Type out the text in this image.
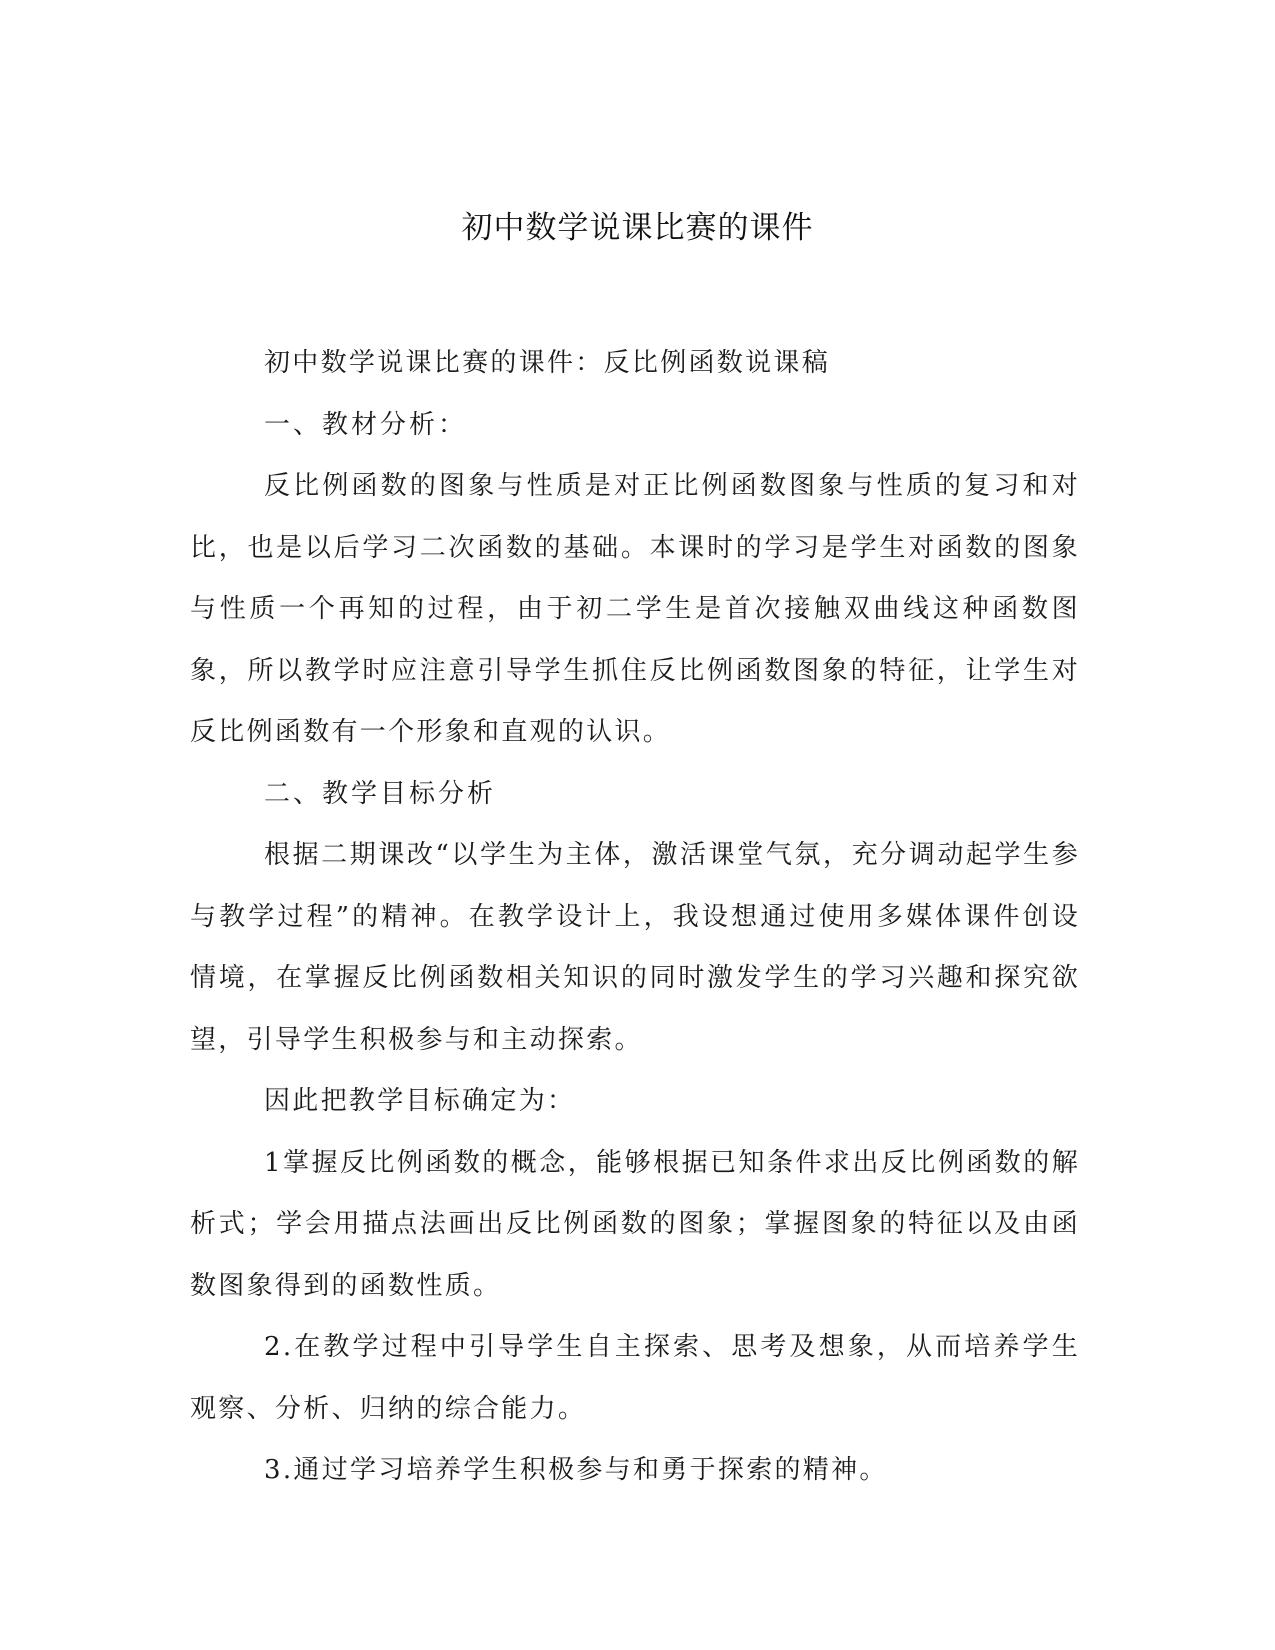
初中数学说课比赛的课件

初中数学说课比赛的课件：反比例函数说课稿

一、教材分析：

反比例函数的图象与性质是对正比例函数图象与性质的复习和对比，也是以后学习二次函数的基础。本课时的学习是学生对函数的图象与性质一个再知的过程，由于初二学生是首次接触双曲线这种函数图象，所以教学时应注意引导学生抓住反比例函数图象的特征，让学生对反比例函数有一个形象和直观的认识。

二、教学目标分析

根据二期课改“以学生为主体，激活课堂气氛，充分调动起学生参与教学过程”的精神。在教学设计上，我设想通过使用多媒体课件创设情境，在掌握反比例函数相关知识的同时激发学生的学习兴趣和探究欲望，引导学生积极参与和主动探索。

因此把教学目标确定为：

1掌握反比例函数的概念，能够根据已知条件求出反比例函数的解析式；学会用描点法画出反比例函数的图象；掌握图象的特征以及由函数图象得到的函数性质。

2.在教学过程中引导学生自主探索、思考及想象，从而培养学生观察、分析、归纳的综合能力。

3.通过学习培养学生积极参与和勇于探索的精神。
